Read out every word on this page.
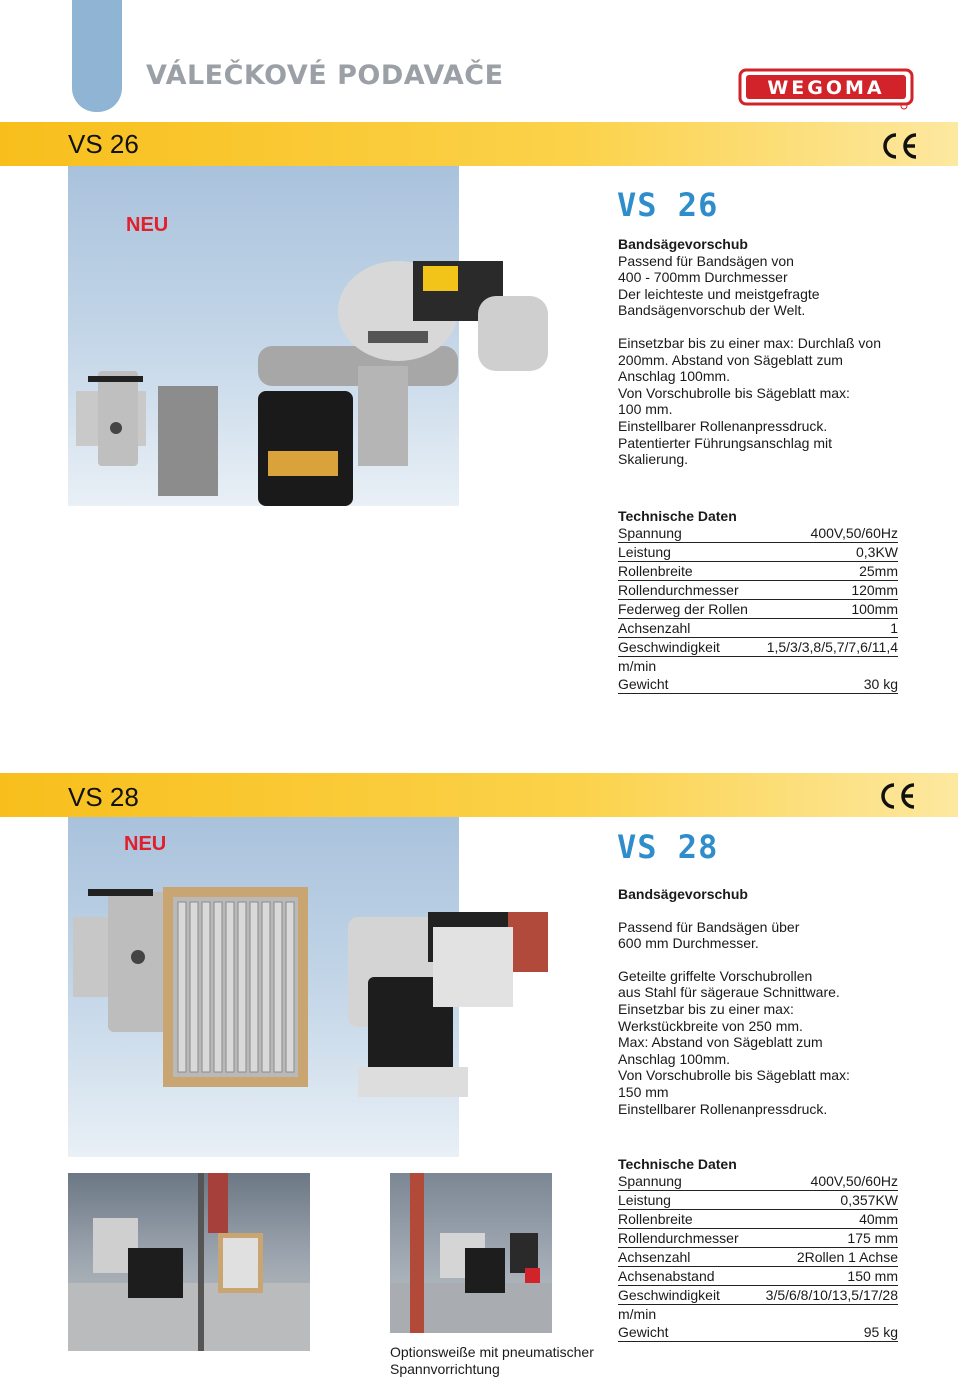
VÁLEČKOVÉ PODAVAČE	WEGOMA
VS 26
NEU
VS 26
Bandsägevorschub
Passend für Bandsägen von
400 - 700mm Durchmesser
Der leichteste und meistgefragte
Bandsägenvorschub der Welt.
Einsetzbar bis zu einer max: Durchlaß von
200mm. Abstand von Sägeblatt zum
Anschlag 100mm.
Von Vorschubrolle bis Sägeblatt max:
100 mm.
Einstellbarer Rollenanpressdruck.
Patentierter Führungsanschlag mit
Skalierung.
Technische Daten
Spannung	400V,50/60Hz
Leistung	0,3KW
Rollenbreite	25mm
Rollendurchmesser	120mm
Federweg der Rollen	100mm
Achsenzahl	1
Geschwindigkeit	1,5/3/3,8/5,7/7,6/11,4
m/min
Gewicht	30 kg
VS 28
NEU	VS 28
Bandsägevorschub
Passend für Bandsägen über
600 mm Durchmesser.
Geteilte griffelte Vorschubrollen
aus Stahl für sägeraue Schnittware.
Einsetzbar bis zu einer max:
Werkstückbreite von 250 mm.
Max: Abstand von Sägeblatt zum
Anschlag 100mm.
Von Vorschubrolle bis Sägeblatt max:
150 mm
Einstellbarer Rollenanpressdruck.
Technische Daten
Spannung	400V,50/60Hz
Leistung	0,357KW
Rollenbreite	40mm
Rollendurchmesser	175 mm
Achsenzahl	2Rollen 1 Achse
Achsenabstand	150 mm
Geschwindigkeit	3/5/6/8/10/13,5/17/28
m/min
Gewicht	95 kg
Optionsweiße mit pneumatischer
Spannvorrichtung
